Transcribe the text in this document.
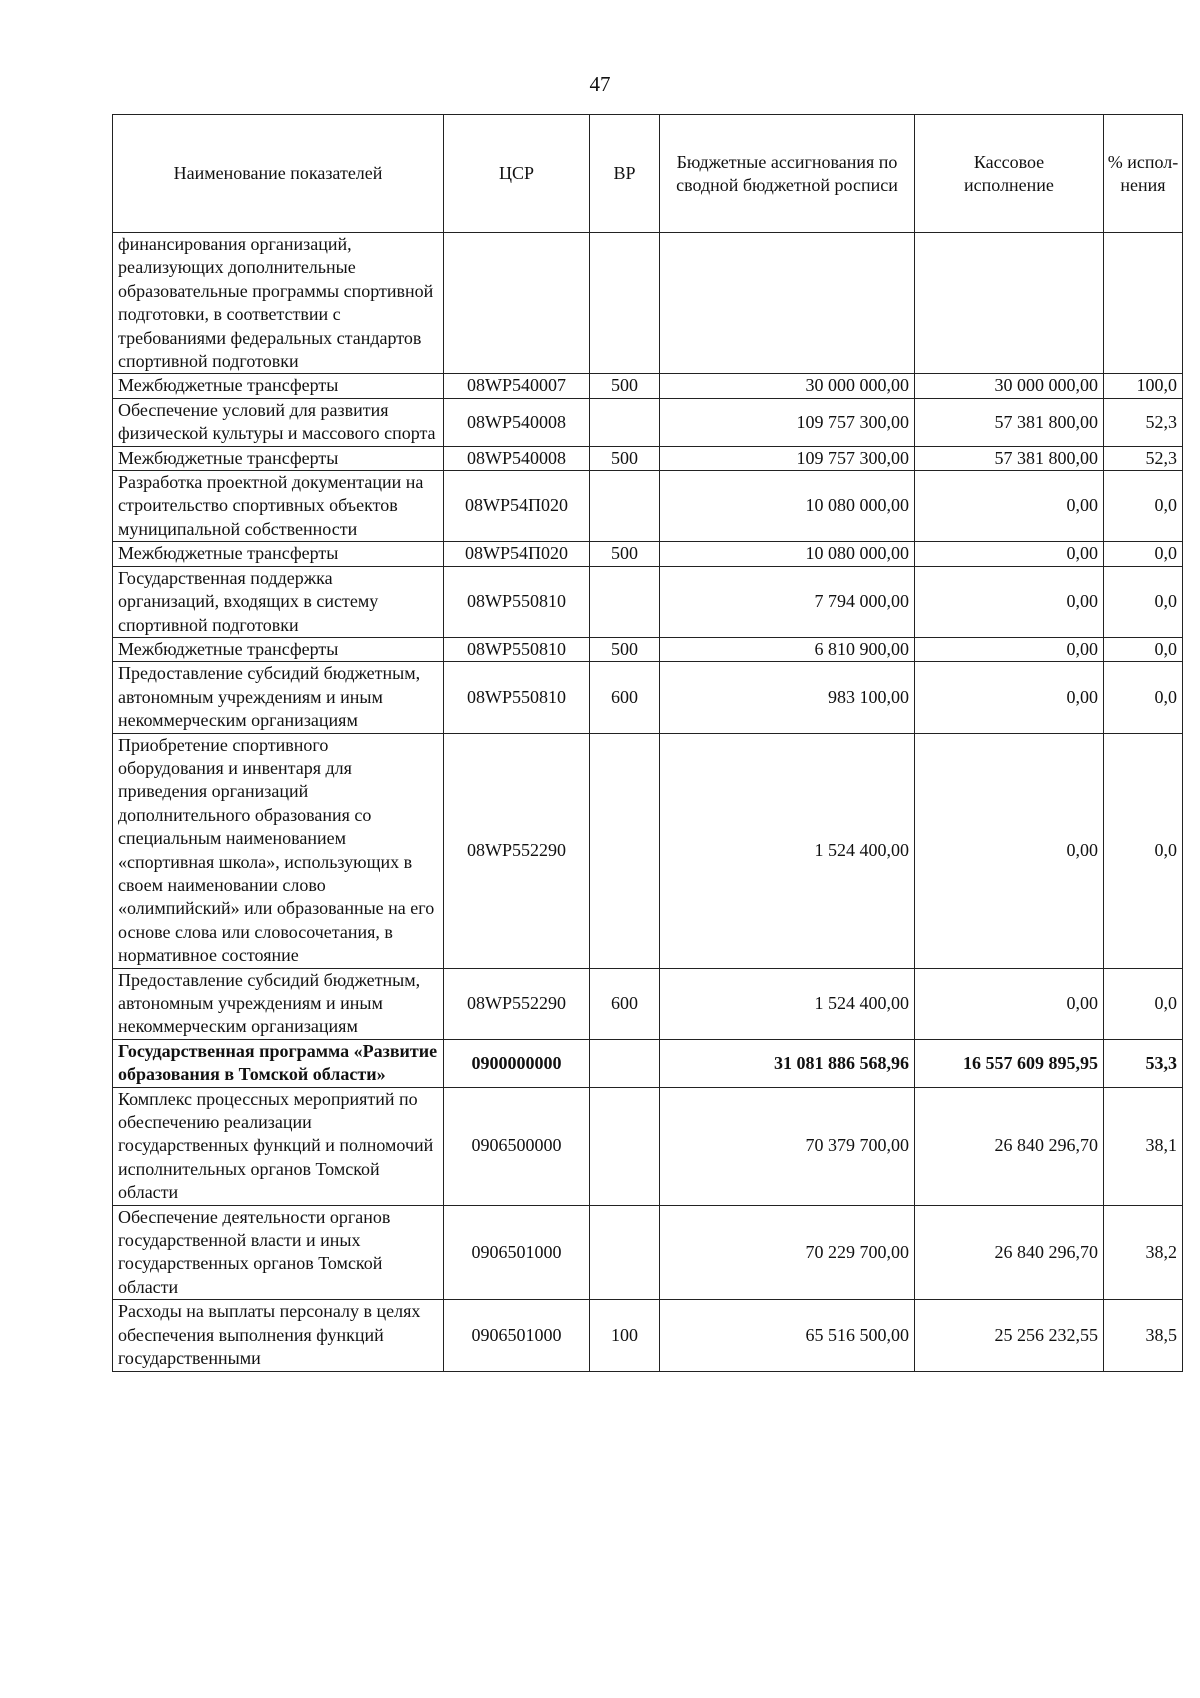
47
Наименование показателей	ЦСР	ВР	Бюджетные ассигнования по сводной бюджетной росписи	Кассовое исполнение	% испол- нения
финансирования организаций, реализующих дополнительные образовательные программы спортивной подготовки, в соответствии с требованиями федеральных стандартов спортивной подготовки					
Межбюджетные трансферты	08WP540007	500	30 000 000,00	30 000 000,00	100,0
Обеспечение условий для развития физической культуры и массового спорта	08WP540008		109 757 300,00	57 381 800,00	52,3
Межбюджетные трансферты	08WP540008	500	109 757 300,00	57 381 800,00	52,3
Разработка проектной документации на строительство спортивных объектов муниципальной собственности	08WP54П020		10 080 000,00	0,00	0,0
Межбюджетные трансферты	08WP54П020	500	10 080 000,00	0,00	0,0
Государственная поддержка организаций, входящих в систему спортивной подготовки	08WP550810		7 794 000,00	0,00	0,0
Межбюджетные трансферты	08WP550810	500	6 810 900,00	0,00	0,0
Предоставление субсидий бюджетным, автономным учреждениям и иным некоммерческим организациям	08WP550810	600	983 100,00	0,00	0,0
Приобретение спортивного оборудования и инвентаря для приведения организаций дополнительного образования со специальным наименованием «спортивная школа», использующих в своем наименовании слово «олимпийский» или образованные на его основе слова или словосочетания, в нормативное состояние	08WP552290		1 524 400,00	0,00	0,0
Предоставление субсидий бюджетным, автономным учреждениям и иным некоммерческим организациям	08WP552290	600	1 524 400,00	0,00	0,0
Государственная программа «Развитие образования в Томской области»	0900000000		31 081 886 568,96	16 557 609 895,95	53,3
Комплекс процессных мероприятий по обеспечению реализации государственных функций и полномочий исполнительных органов Томской области	0906500000		70 379 700,00	26 840 296,70	38,1
Обеспечение деятельности органов государственной власти и иных государственных органов Томской области	0906501000		70 229 700,00	26 840 296,70	38,2
Расходы на выплаты персоналу в целях обеспечения выполнения функций государственными	0906501000	100	65 516 500,00	25 256 232,55	38,5
